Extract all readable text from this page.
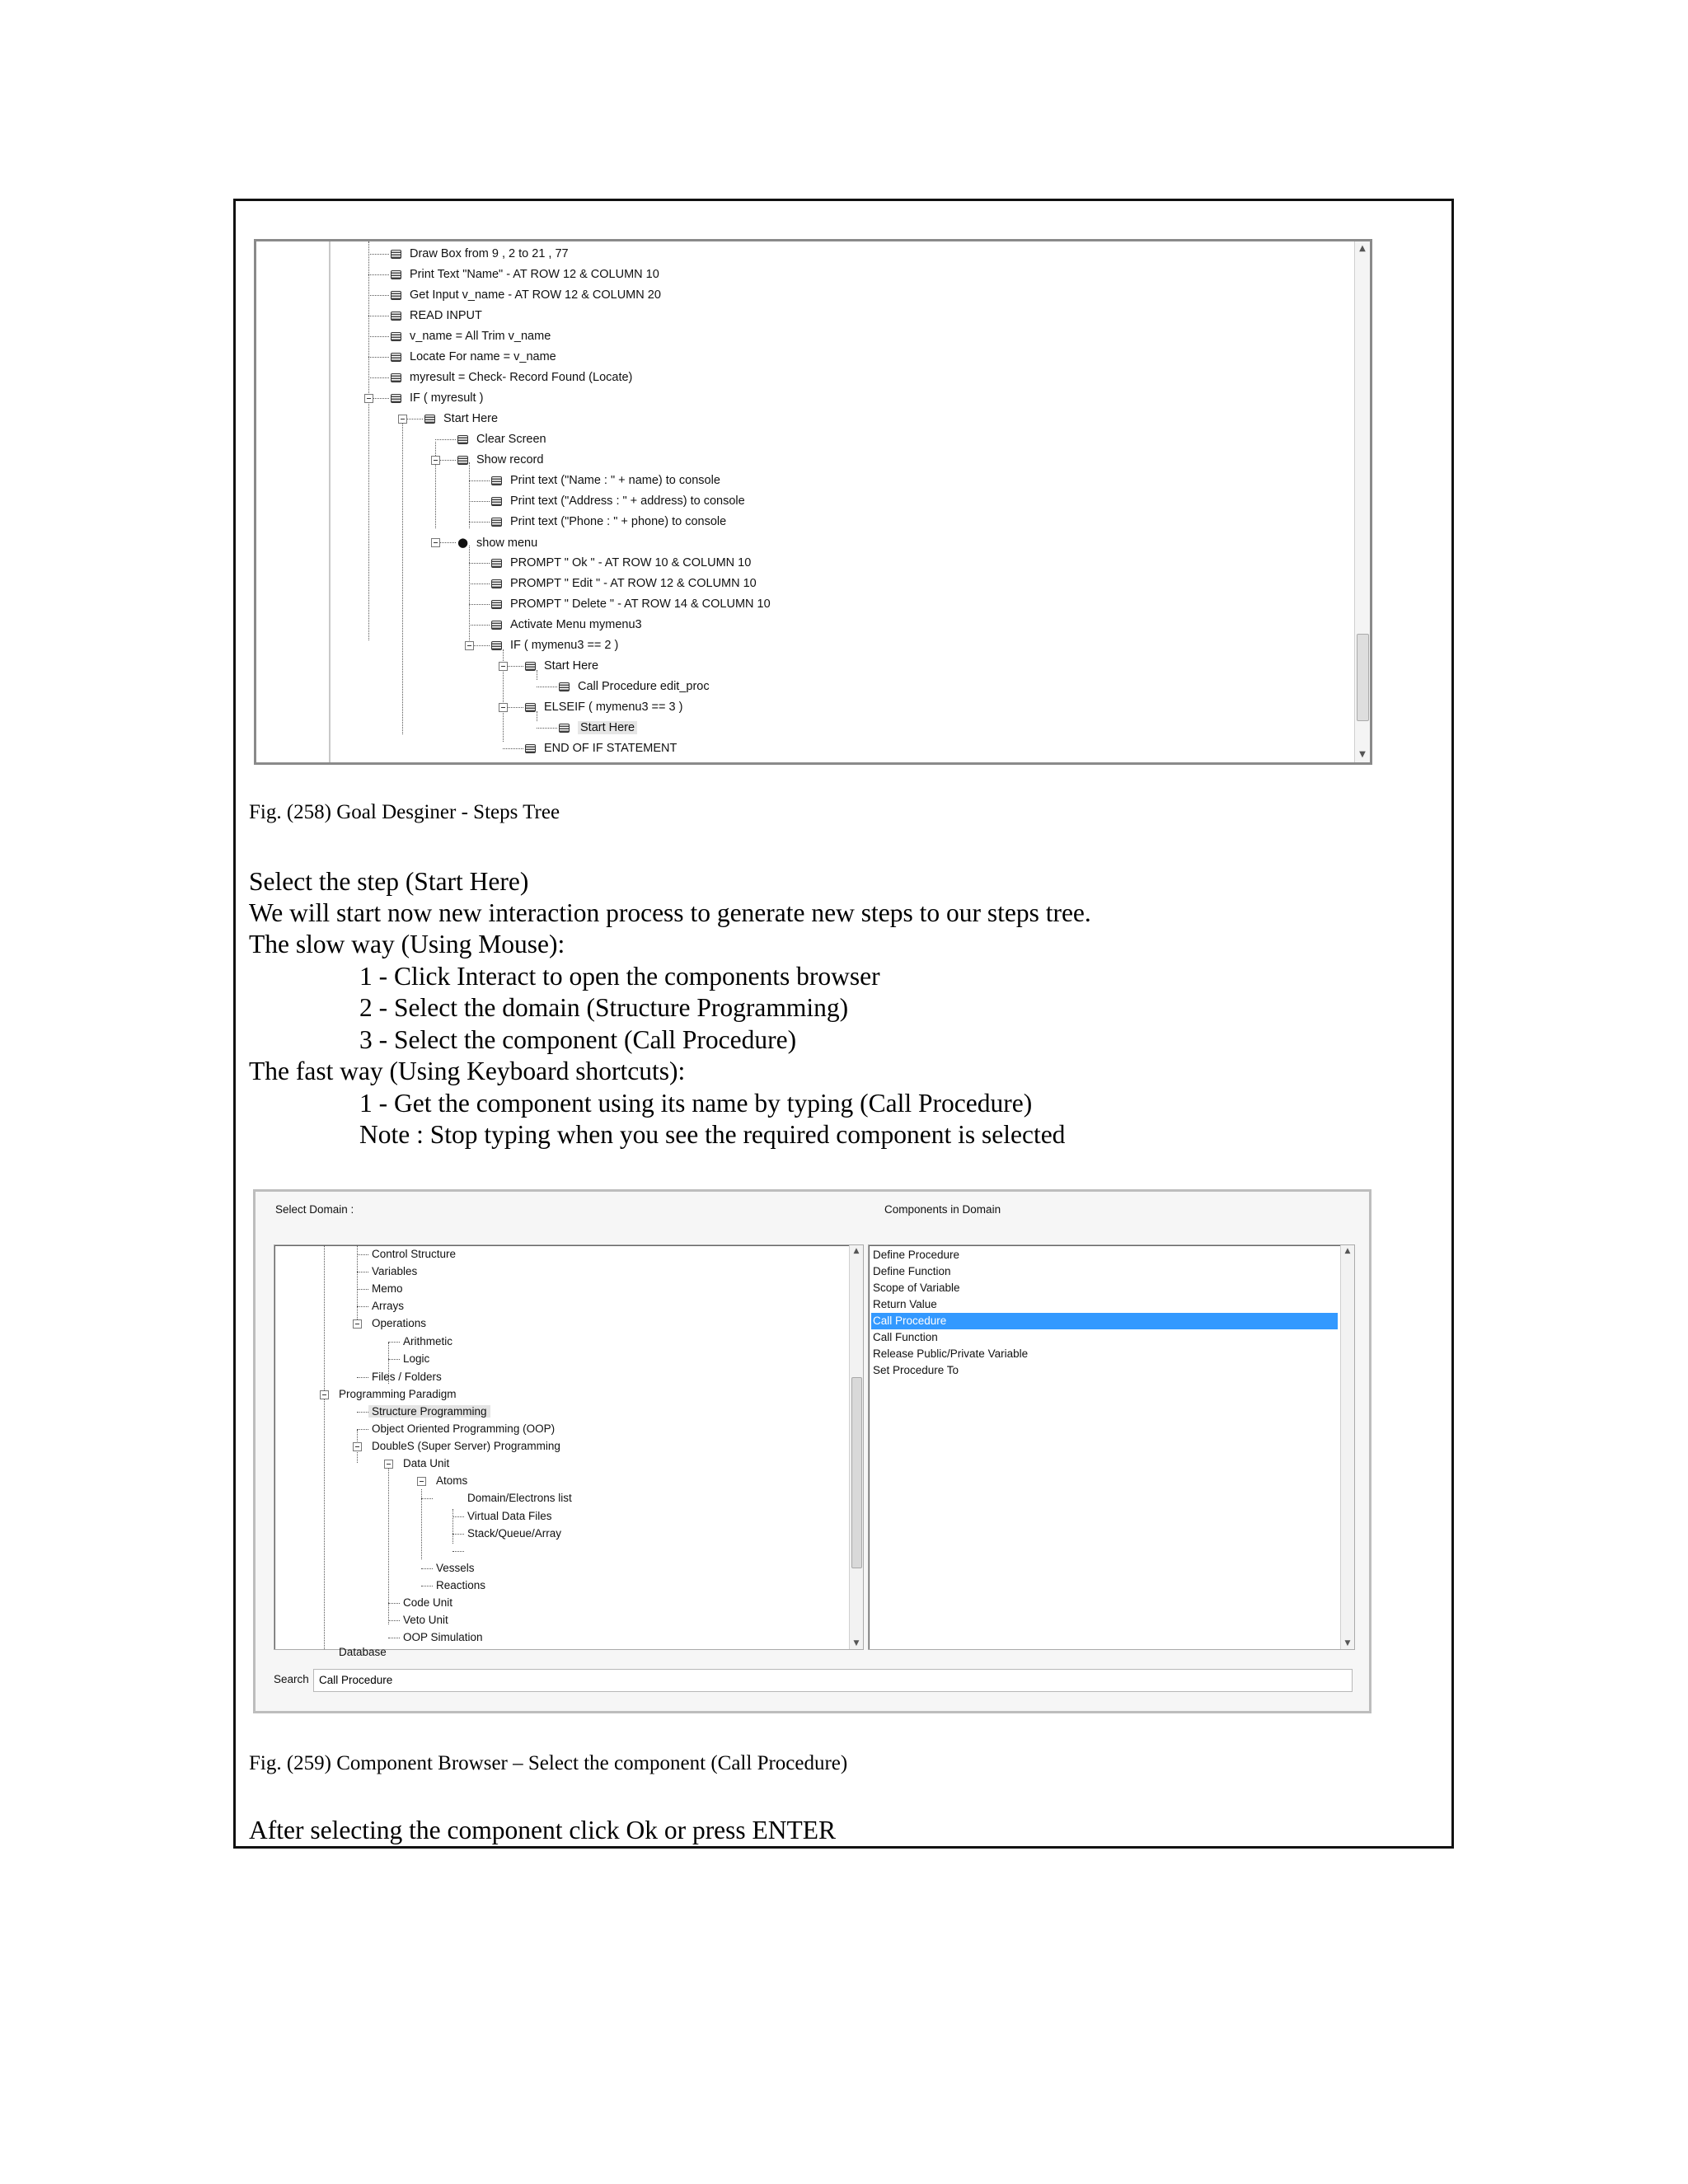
Draw Box from 9 , 2 to 21 , 77
Print Text "Name" - AT ROW 12 & COLUMN 10
Get Input v_name - AT ROW 12 & COLUMN 20
READ INPUT
v_name = All Trim v_name
Locate For name = v_name
myresult = Check- Record Found (Locate)
IF ( myresult )
Start Here
Clear Screen
Show record
Print text ("Name : " + name) to console
Print text ("Address : " + address) to console
Print text ("Phone : " + phone) to console
● show menu
PROMPT " Ok " - AT ROW 10 & COLUMN 10
PROMPT " Edit " - AT ROW 12 & COLUMN 10
PROMPT " Delete " - AT ROW 14 & COLUMN 10
Activate Menu mymenu3
IF ( mymenu3 == 2 )
Start Here
Call Procedure edit_proc
ELSEIF ( mymenu3 == 3 )
Start Here
END OF IF STATEMENT
▲
▼
Fig. (258) Goal Desginer - Steps Tree
Select the step (Start Here)
We will start now new interaction process to generate new steps to our steps tree.
The slow way (Using Mouse):
1 - Click Interact to open the components browser
2 - Select the domain (Structure Programming)
3 - Select the component (Call Procedure)
The fast way (Using Keyboard shortcuts):
1 - Get the component using its name by typing (Call Procedure)
Note : Stop typing when you see the required component is selected
Select Domain :	Components in Domain
Control Structure
Variables
Memo
Arrays
Operations
Arithmetic
Logic
Files / Folders
Programming Paradigm
Structure Programming
Object Oriented Programming (OOP)
DoubleS (Super Server) Programming
Data Unit
Atoms
Domain/Electrons list
Virtual Data Files
Stack/Queue/Array
Vessels
Reactions
Code Unit
Veto Unit
OOP Simulation
Database
▲
▼
Define Procedure
Define Function
Scope of Variable
Return Value
Call Procedure
Call Function
Release Public/Private Variable
Set Procedure To
▲
▼
Search Call Procedure
Fig. (259) Component Browser – Select the component (Call Procedure)
After selecting the component click Ok or press ENTER
